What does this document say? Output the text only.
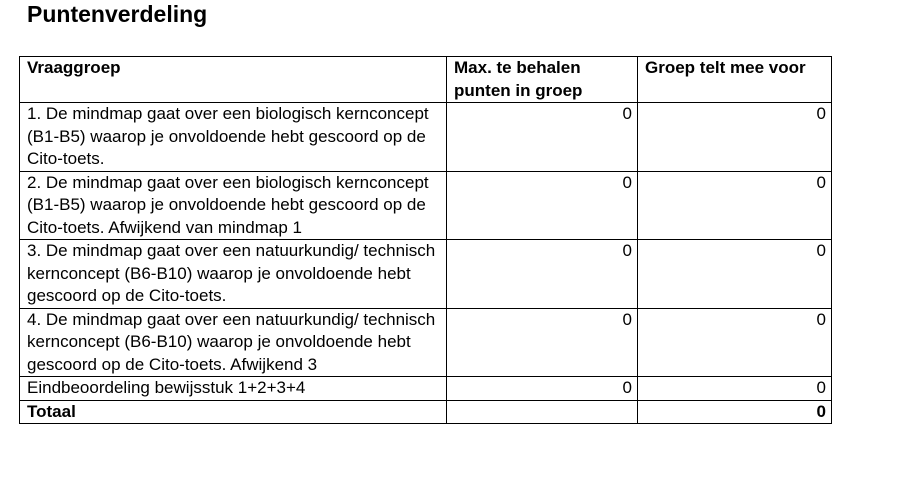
Puntenverdeling
Vraaggroep	Max. te behalen punten in groep	Groep telt mee voor
1. De mindmap gaat over een biologisch kernconcept (B1-B5) waarop je onvoldoende hebt gescoord op de Cito-toets.	0	0
2. De mindmap gaat over een biologisch kernconcept (B1-B5) waarop je onvoldoende hebt gescoord op de Cito-toets. Afwijkend van mindmap 1	0	0
3. De mindmap gaat over een natuurkundig/ technisch kernconcept (B6-B10) waarop je onvoldoende hebt gescoord op de Cito-toets.	0	0
4. De mindmap gaat over een natuurkundig/ technisch kernconcept (B6-B10) waarop je onvoldoende hebt gescoord op de Cito-toets. Afwijkend 3	0	0
Eindbeoordeling bewijsstuk 1+2+3+4	0	0
Totaal		0
